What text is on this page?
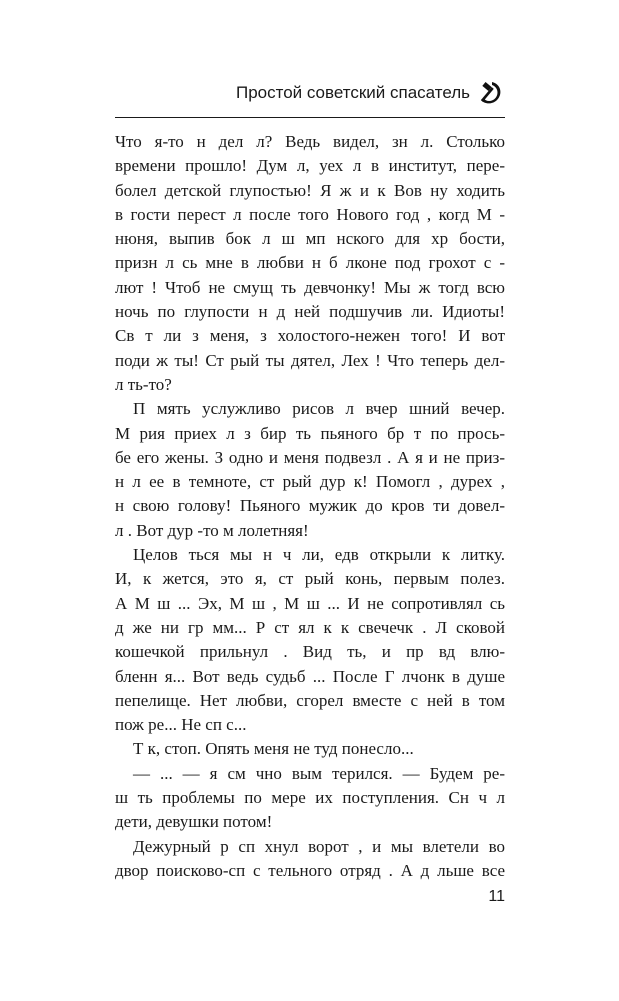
Простой советский спасатель
Что я-то н дел л? Ведь видел, зн л. Столько
времени прошло! Дум л, уех л в институт, пере-
болел детской глупостью! Я ж и к Вов ну ходить
в гости перест л после того Нового год , когд М -
нюня, выпив бок л ш мп нского для хр бости,
призн л сь мне в любви н б лконе под грохот с -
лют ! Чтоб не смущ ть девчонку! Мы ж тогд всю
ночь по глупости н д ней подшучив ли. Идиоты!
Св т ли з меня, з холостого-нежен того! И вот
поди ж ты! Ст рый ты дятел, Лех ! Что теперь дел-
л ть-то?
П мять услужливо рисов л вчер шний вечер.
М рия приех л з бир ть пьяного бр т по прось-
бе его жены. З одно и меня подвезл . А я и не приз-
н л ее в темноте, ст рый дур к! Помогл , дурех ,
н свою голову! Пьяного мужик до кров ти довел-
л . Вот дур -то м лолетняя!
Целов ться мы н ч ли, едв открыли к литку.
И, к жется, это я, ст рый конь, первым полез.
А М ш ... Эх, М ш , М ш ... И не сопротивлял сь
д же ни гр мм... Р ст ял к к свечечк . Л сковой
кошечкой прильнул . Вид ть, и пр вд влю-
бленн я... Вот ведь судьб ... После Г лчонк в душе
пепелище. Нет любви, сгорел вместе с ней в том
пож ре... Не сп с...
Т к, стоп. Опять меня не туд понесло...
— ... — я см чно вым терился. — Будем ре-
ш ть проблемы по мере их поступления. Сн ч л
дети, девушки потом!
Дежурный р сп хнул ворот , и мы влетели во
двор поисково-сп с тельного отряд . А д льше все
11
